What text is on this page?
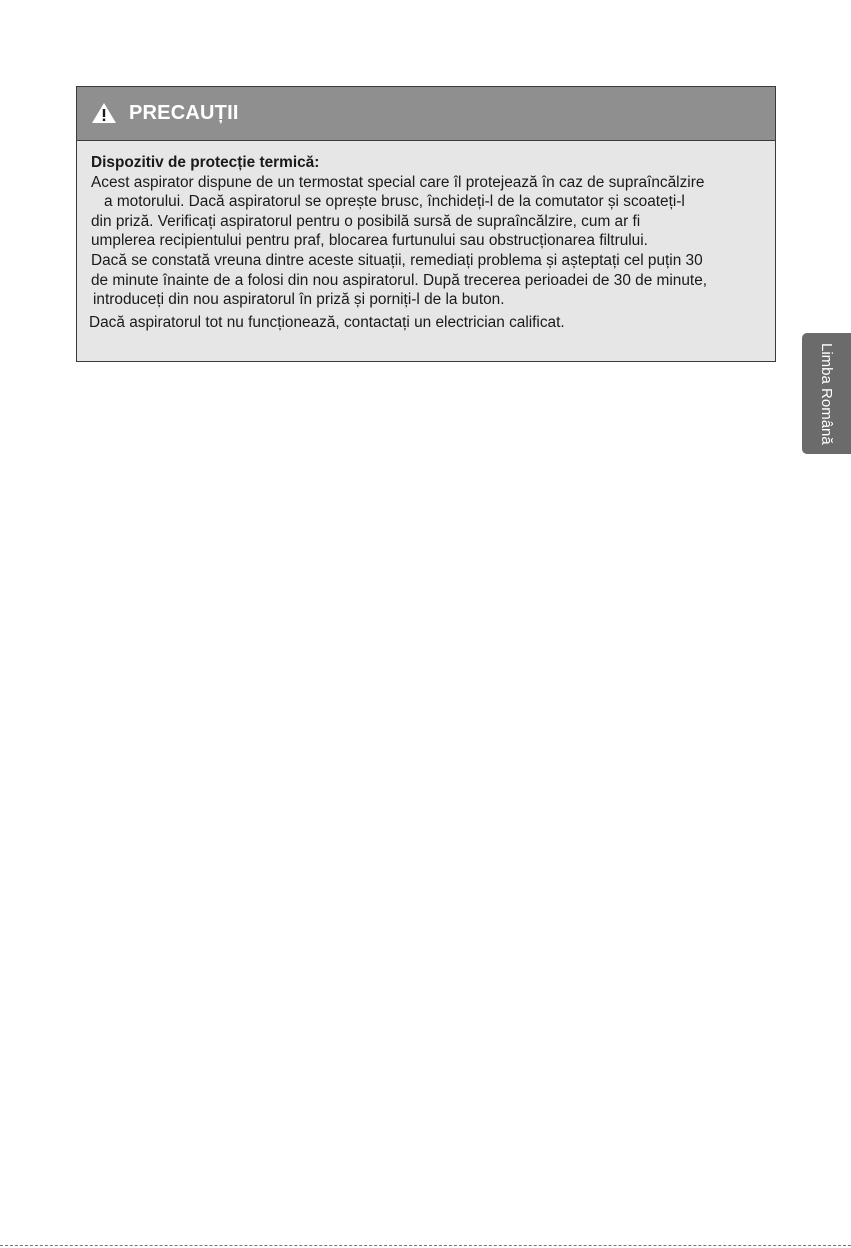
PRECAUȚII
Dispozitiv de protecție termică:
Acest aspirator dispune de un termostat special care îl protejează în caz de supraîncălzire
a motorului. Dacă aspiratorul se oprește brusc, închideți-l de la comutator și scoateți-l
din priză. Verificați aspiratorul pentru o posibilă sursă de supraîncălzire, cum ar fi
umplerea recipientului pentru praf, blocarea furtunului sau obstrucționarea filtrului.
Dacă se constată vreuna dintre aceste situații, remediați problema și așteptați cel puțin 30
de minute înainte de a folosi din nou aspiratorul. După trecerea perioadei de 30 de minute,
introduceți din nou aspiratorul în priză și porniți-l de la buton.
Dacă aspiratorul tot nu funcționează, contactați un electrician calificat.
Limba Română
